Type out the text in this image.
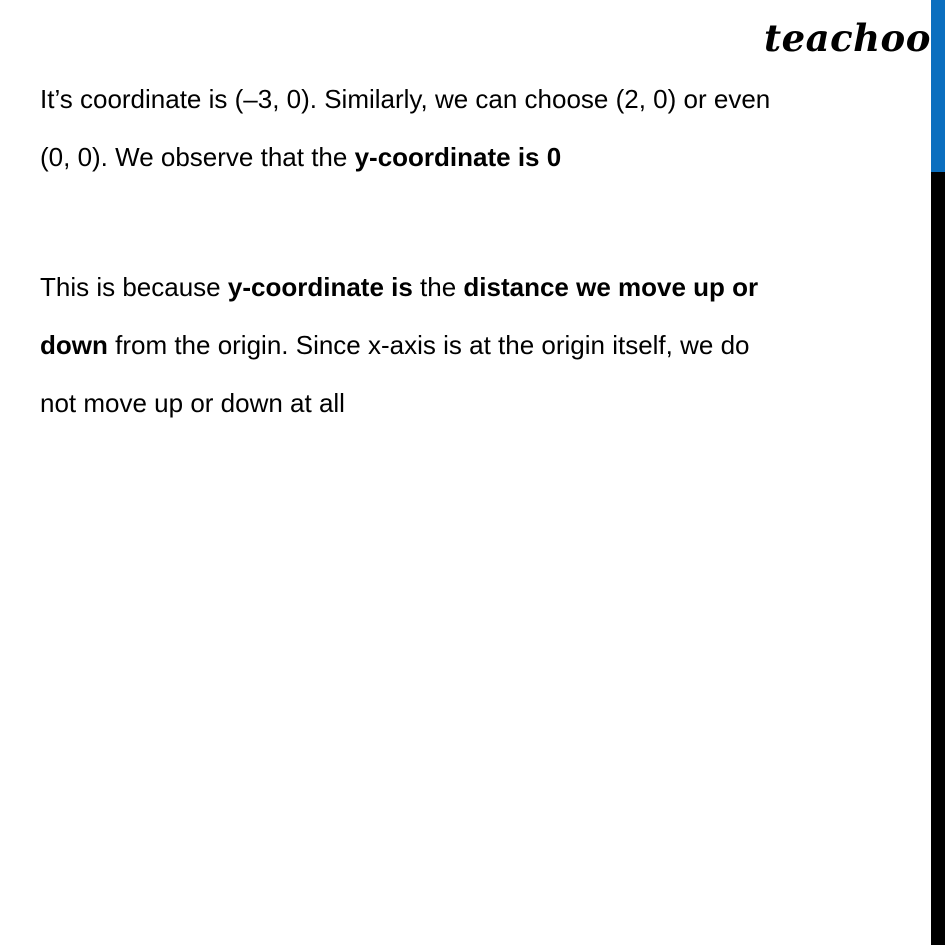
teachoo

It’s coordinate is (–3, 0). Similarly, we can choose (2, 0) or even
(0, 0). We observe that the y-coordinate is 0

This is because y-coordinate is the distance we move up or
down from the origin. Since x-axis is at the origin itself, we do
not move up or down at all
